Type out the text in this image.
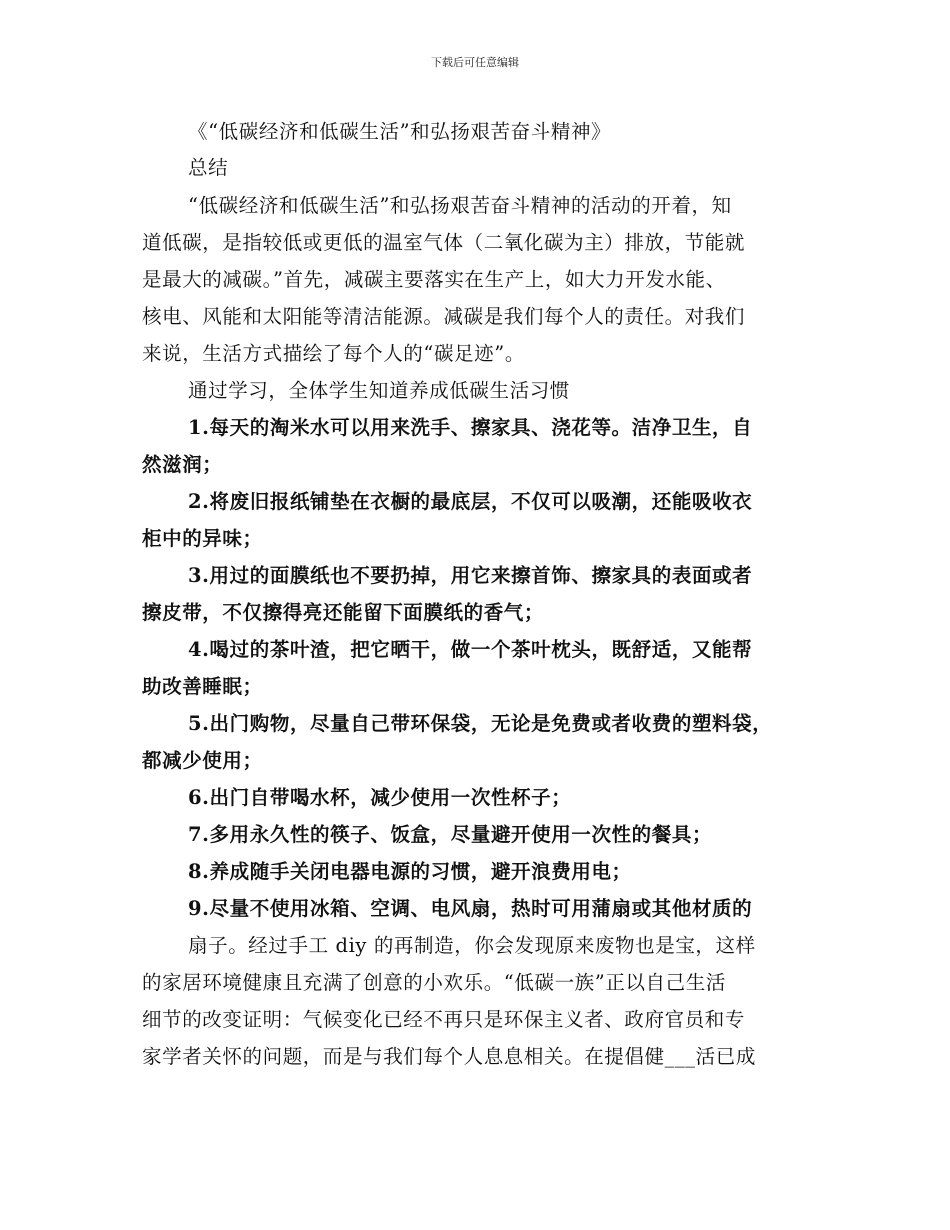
下载后可任意编辑
《“低碳经济和低碳生活”和弘扬艰苦奋斗精神》
总结
“低碳经济和低碳生活”和弘扬艰苦奋斗精神的活动的开着，知
道低碳，是指较低或更低的温室气体（二氧化碳为主）排放，节能就
是最大的减碳。”首先，减碳主要落实在生产上，如大力开发水能、
核电、风能和太阳能等清洁能源。减碳是我们每个人的责任。对我们
来说，生活方式描绘了每个人的“碳足迹”。
通过学习，全体学生知道养成低碳生活习惯
1.每天的淘米水可以用来洗手、擦家具、浇花等。洁净卫生，自
然滋润；
2.将废旧报纸铺垫在衣橱的最底层，不仅可以吸潮，还能吸收衣
柜中的异味；
3.用过的面膜纸也不要扔掉，用它来擦首饰、擦家具的表面或者
擦皮带，不仅擦得亮还能留下面膜纸的香气；
4.喝过的茶叶渣，把它晒干，做一个茶叶枕头，既舒适，又能帮
助改善睡眠；
5.出门购物，尽量自己带环保袋，无论是免费或者收费的塑料袋，
都减少使用；
6.出门自带喝水杯，减少使用一次性杯子；
7.多用永久性的筷子、饭盒，尽量避开使用一次性的餐具；
8.养成随手关闭电器电源的习惯，避开浪费用电；
9.尽量不使用冰箱、空调、电风扇，热时可用蒲扇或其他材质的
扇子。经过手工 diy 的再制造，你会发现原来废物也是宝，这样
的家居环境健康且充满了创意的小欢乐。“低碳一族”正以自己生活
细节的改变证明：气候变化已经不再只是环保主义者、政府官员和专
家学者关怀的问题，而是与我们每个人息息相关。在提倡健___活已成
